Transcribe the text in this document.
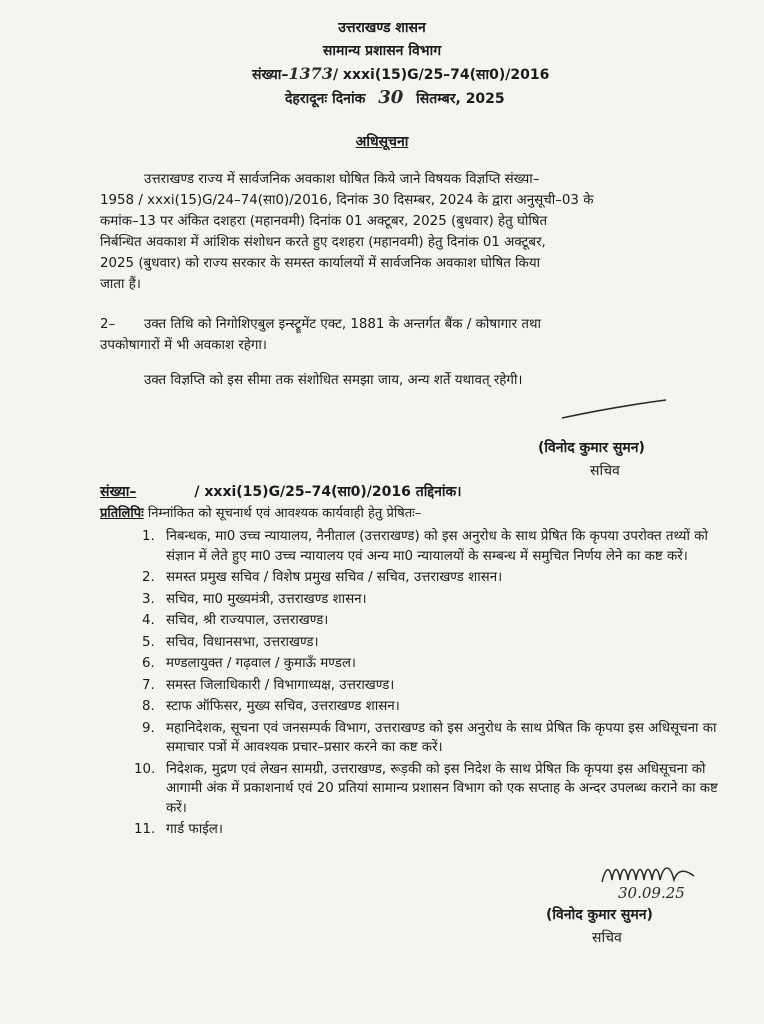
उत्तराखण्ड शासन
सामान्य प्रशासन विभाग
संख्या–1373/ xxxi(15)G/25–74(सा0)/2016
देहरादूनः दिनांक 30 सितम्बर, 2025
अधिसूचना
उत्तराखण्ड राज्य में सार्वजनिक अवकाश घोषित किये जाने विषयक विज्ञप्ति संख्या–
1958 / xxxi(15)G/24–74(सा0)/2016, दिनांक 30 दिसम्बर, 2024 के द्वारा अनुसूची–03 के
कमांक–13 पर अंकित दशहरा (महानवमी) दिनांक 01 अक्टूबर, 2025 (बुधवार) हेतु घोषित
निर्बन्धित अवकाश में आंशिक संशोधन करते हुए दशहरा (महानवमी) हेतु दिनांक 01 अक्टूबर,
2025 (बुधवार) को राज्य सरकार के समस्त कार्यालयों में सार्वजनिक अवकाश घोषित किया
जाता हैं।
2– उक्त तिथि को निगोशिएबुल इन्स्ट्रूमेंट एक्ट, 1881 के अन्तर्गत बैंक / कोषागार तथा
उपकोषागारों में भी अवकाश रहेगा।
उक्त विज्ञप्ति को इस सीमा तक संशोधित समझा जाय, अन्य शर्ते यथावत् रहेगी।
(विनोद कुमार सुमन)
सचिव
संख्या–	/ xxxi(15)G/25–74(सा0)/2016 तद्दिनांक।
प्रतिलिपिः निम्नांकित को सूचनार्थ एवं आवश्यक कार्यवाही हेतु प्रेषितः–
1. निबन्धक, मा0 उच्च न्यायालय, नैनीताल (उत्तराखण्ड) को इस अनुरोध के साथ प्रेषित कि कृपया उपरोक्त तथ्यों को संज्ञान में लेते हुए मा0 उच्च न्यायालय एवं अन्य मा0 न्यायालयों के सम्बन्ध में समुचित निर्णय लेने का कष्ट करें।
2. समस्त प्रमुख सचिव / विशेष प्रमुख सचिव / सचिव, उत्तराखण्ड शासन।
3. सचिव, मा0 मुख्यमंत्री, उत्तराखण्ड शासन।
4. सचिव, श्री राज्यपाल, उत्तराखण्ड।
5. सचिव, विधानसभा, उत्तराखण्ड।
6. मण्डलायुक्त / गढ़वाल / कुमाऊँ मण्डल।
7. समस्त जिलाधिकारी / विभागाध्यक्ष, उत्तराखण्ड।
8. स्टाफ ऑफिसर, मुख्य सचिव, उत्तराखण्ड शासन।
9. महानिदेशक, सूचना एवं जनसम्पर्क विभाग, उत्तराखण्ड को इस अनुरोध के साथ प्रेषित कि कृपया इस अधिसूचना का समाचार पत्रों में आवश्यक प्रचार–प्रसार करने का कष्ट करें।
10. निदेशक, मुद्रण एवं लेखन सामग्री, उत्तराखण्ड, रूड़की को इस निदेश के साथ प्रेषित कि कृपया इस अधिसूचना को आगामी अंक में प्रकाशनार्थ एवं 20 प्रतियां सामान्य प्रशासन विभाग को एक सप्ताह के अन्दर उपलब्ध कराने का कष्ट करें।
11. गार्ड फाईल।
30.09.25
(विनोद कुमार सुमन)
सचिव
